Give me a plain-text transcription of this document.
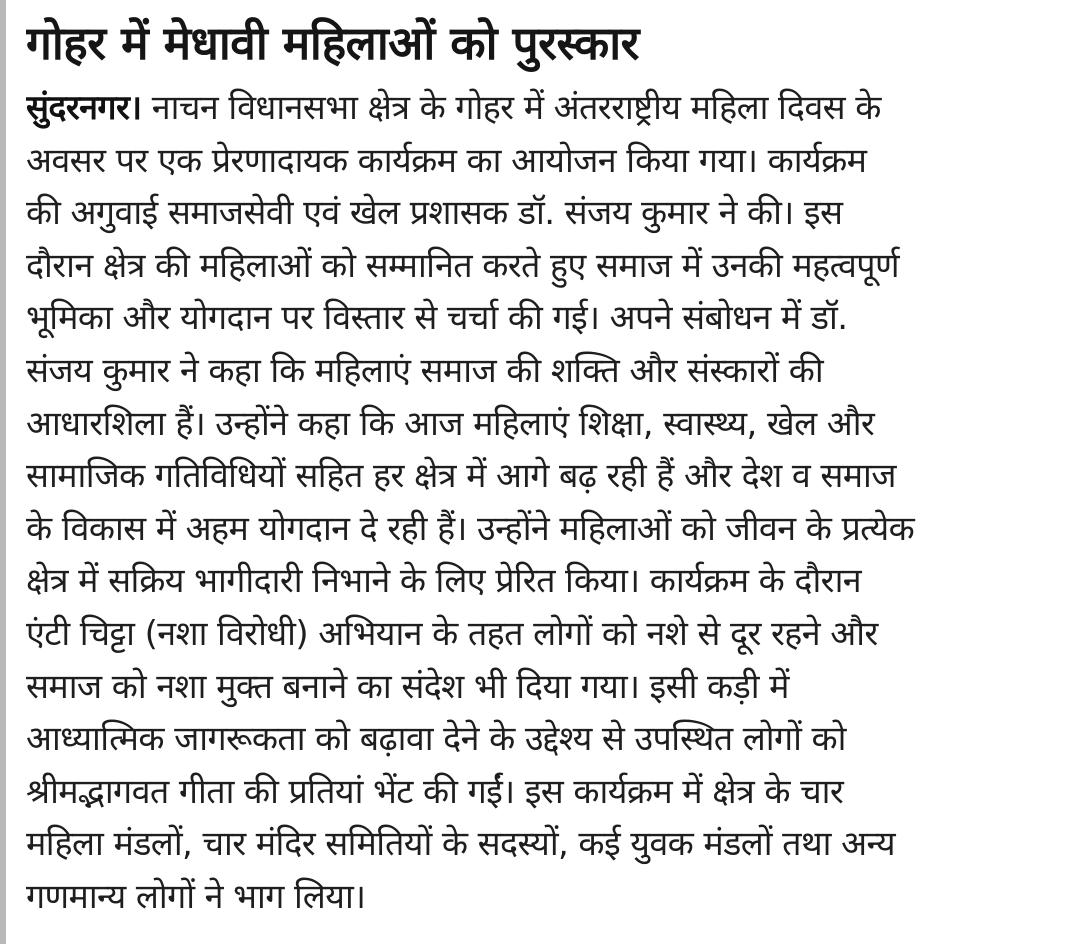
गोहर में मेधावी महिलाओं को पुरस्कार
सुंदरनगर। नाचन विधानसभा क्षेत्र के गोहर में अंतरराष्ट्रीय महिला दिवस के
अवसर पर एक प्रेरणादायक कार्यक्रम का आयोजन किया गया। कार्यक्रम
की अगुवाई समाजसेवी एवं खेल प्रशासक डॉ. संजय कुमार ने की। इस
दौरान क्षेत्र की महिलाओं को सम्मानित करते हुए समाज में उनकी महत्वपूर्ण
भूमिका और योगदान पर विस्तार से चर्चा की गई। अपने संबोधन में डॉ.
संजय कुमार ने कहा कि महिलाएं समाज की शक्ति और संस्कारों की
आधारशिला हैं। उन्होंने कहा कि आज महिलाएं शिक्षा, स्वास्थ्य, खेल और
सामाजिक गतिविधियों सहित हर क्षेत्र में आगे बढ़ रही हैं और देश व समाज
के विकास में अहम योगदान दे रही हैं। उन्होंने महिलाओं को जीवन के प्रत्येक
क्षेत्र में सक्रिय भागीदारी निभाने के लिए प्रेरित किया। कार्यक्रम के दौरान
एंटी चिट्टा (नशा विरोधी) अभियान के तहत लोगों को नशे से दूर रहने और
समाज को नशा मुक्त बनाने का संदेश भी दिया गया। इसी कड़ी में
आध्यात्मिक जागरूकता को बढ़ावा देने के उद्देश्य से उपस्थित लोगों को
श्रीमद्भागवत गीता की प्रतियां भेंट की गईं। इस कार्यक्रम में क्षेत्र के चार
महिला मंडलों, चार मंदिर समितियों के सदस्यों, कई युवक मंडलों तथा अन्य
गणमान्य लोगों ने भाग लिया।
